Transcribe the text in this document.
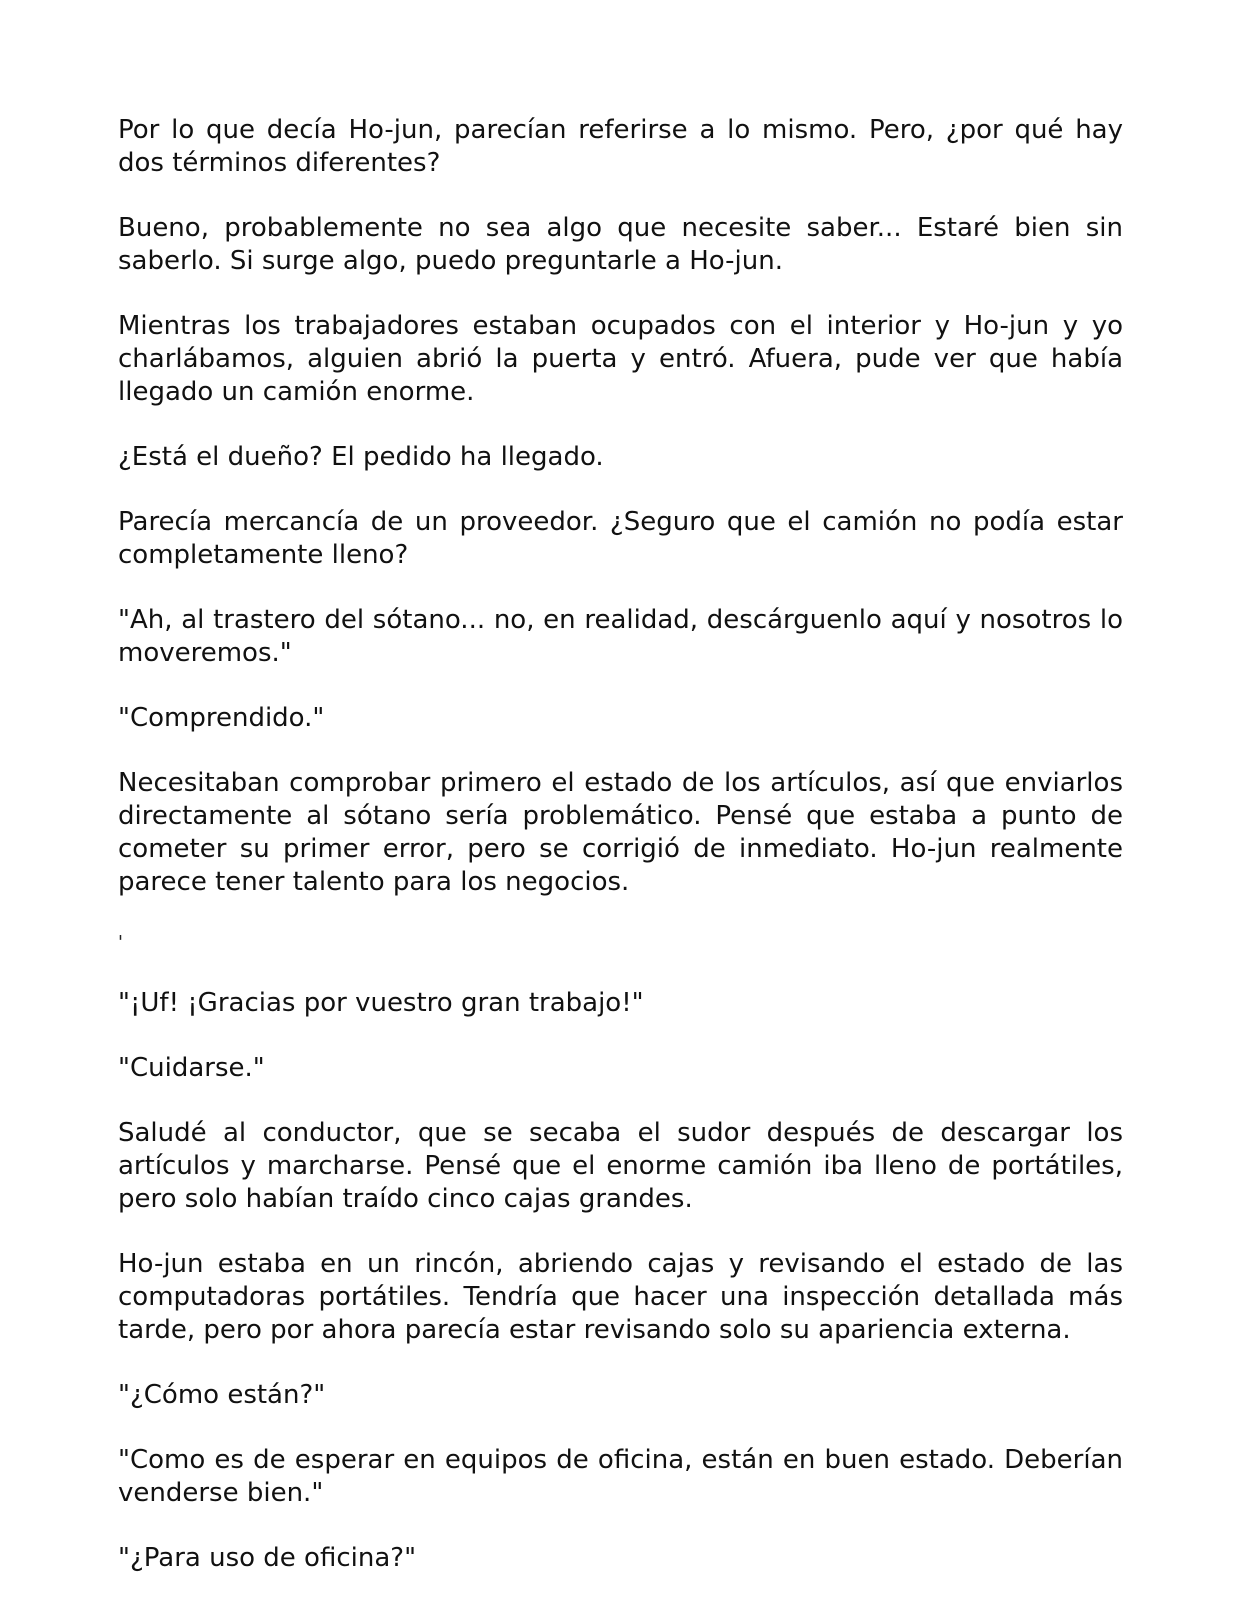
Por lo que decía Ho-jun, parecían referirse a lo mismo. Pero, ¿por qué hay dos términos diferentes?

Bueno, probablemente no sea algo que necesite saber... Estaré bien sin saberlo. Si surge algo, puedo preguntarle a Ho-jun.

Mientras los trabajadores estaban ocupados con el interior y Ho-jun y yo charlábamos, alguien abrió la puerta y entró. Afuera, pude ver que había llegado un camión enorme.

¿Está el dueño? El pedido ha llegado.

Parecía mercancía de un proveedor. ¿Seguro que el camión no podía estar completamente lleno?

"Ah, al trastero del sótano... no, en realidad, descárguenlo aquí y nosotros lo moveremos."

"Comprendido."

Necesitaban comprobar primero el estado de los artículos, así que enviarlos directamente al sótano sería problemático. Pensé que estaba a punto de cometer su primer error, pero se corrigió de inmediato. Ho-jun realmente parece tener talento para los negocios.

'

"¡Uf! ¡Gracias por vuestro gran trabajo!"

"Cuidarse."

Saludé al conductor, que se secaba el sudor después de descargar los artículos y marcharse. Pensé que el enorme camión iba lleno de portátiles, pero solo habían traído cinco cajas grandes.

Ho-jun estaba en un rincón, abriendo cajas y revisando el estado de las computadoras portátiles. Tendría que hacer una inspección detallada más tarde, pero por ahora parecía estar revisando solo su apariencia externa.

"¿Cómo están?"

"Como es de esperar en equipos de oficina, están en buen estado. Deberían venderse bien."

"¿Para uso de oficina?"
